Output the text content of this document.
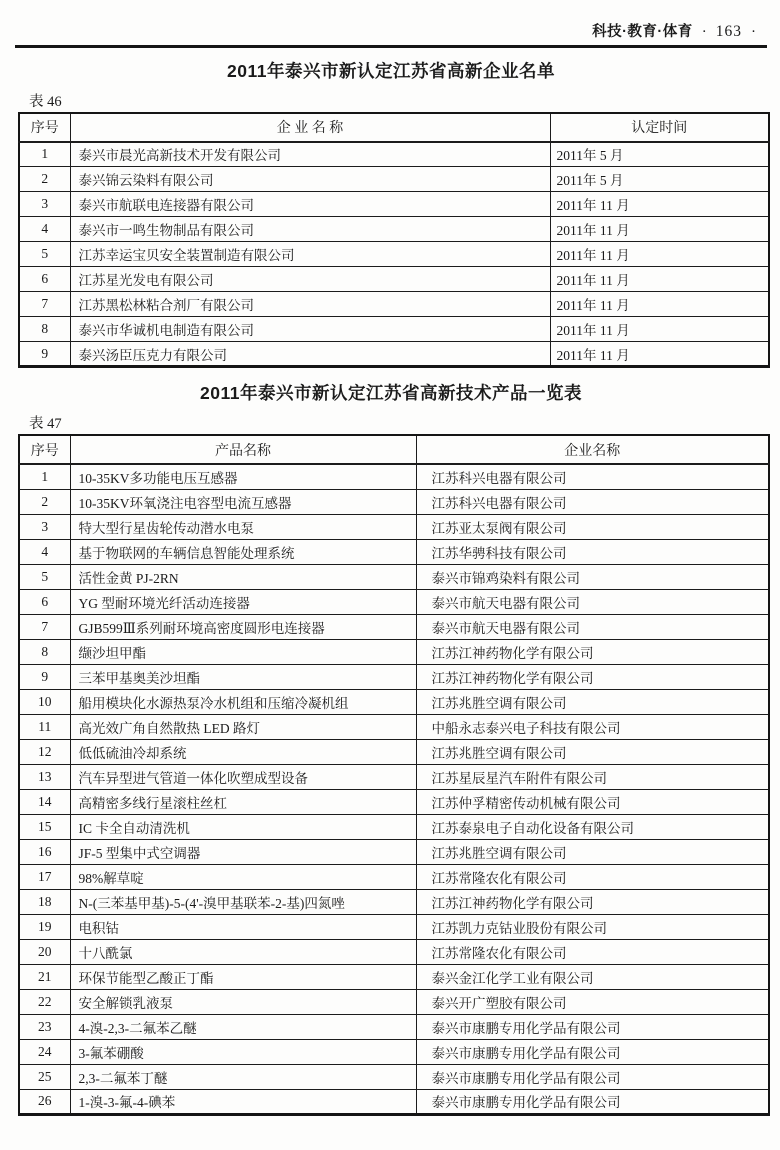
科技·教育·体育 · 163 ·
2011年泰兴市新认定江苏省高新企业名单
表 46
序号	企 业 名 称	认定时间
1	泰兴市晨光高新技术开发有限公司	2011年 5 月
2	泰兴锦云染料有限公司	2011年 5 月
3	泰兴市航联电连接器有限公司	2011年 11 月
4	泰兴市一鸣生物制品有限公司	2011年 11 月
5	江苏幸运宝贝安全装置制造有限公司	2011年 11 月
6	江苏星光发电有限公司	2011年 11 月
7	江苏黑松林粘合剂厂有限公司	2011年 11 月
8	泰兴市华诚机电制造有限公司	2011年 11 月
9	泰兴汤臣压克力有限公司	2011年 11 月
2011年泰兴市新认定江苏省高新技术产品一览表
表 47
序号	产品名称	企业名称
1	10-35KV多功能电压互感器	江苏科兴电器有限公司
2	10-35KV环氧浇注电容型电流互感器	江苏科兴电器有限公司
3	特大型行星齿轮传动潜水电泵	江苏亚太泵阀有限公司
4	基于物联网的车辆信息智能处理系统	江苏华骋科技有限公司
5	活性金黄 PJ-2RN	泰兴市锦鸡染料有限公司
6	YG 型耐环境光纤活动连接器	泰兴市航天电器有限公司
7	GJB599Ⅲ系列耐环境高密度圆形电连接器	泰兴市航天电器有限公司
8	缬沙坦甲酯	江苏江神药物化学有限公司
9	三苯甲基奥美沙坦酯	江苏江神药物化学有限公司
10	船用模块化水源热泵冷水机组和压缩冷凝机组	江苏兆胜空调有限公司
11	高光效广角自然散热 LED 路灯	中船永志泰兴电子科技有限公司
12	低低硫油冷却系统	江苏兆胜空调有限公司
13	汽车异型进气管道一体化吹塑成型设备	江苏星辰星汽车附件有限公司
14	高精密多线行星滚柱丝杠	江苏仲孚精密传动机械有限公司
15	IC 卡全自动清洗机	江苏泰泉电子自动化设备有限公司
16	JF-5 型集中式空调器	江苏兆胜空调有限公司
17	98%解草啶	江苏常隆农化有限公司
18	N-(三苯基甲基)-5-(4'-溴甲基联苯-2-基)四氮唑	江苏江神药物化学有限公司
19	电积钴	江苏凯力克钴业股份有限公司
20	十八酰氯	江苏常隆农化有限公司
21	环保节能型乙酸正丁酯	泰兴金江化学工业有限公司
22	安全解锁乳液泵	泰兴开广塑胶有限公司
23	4-溴-2,3-二氟苯乙醚	泰兴市康鹏专用化学品有限公司
24	3-氟苯硼酸	泰兴市康鹏专用化学品有限公司
25	2,3-二氟苯丁醚	泰兴市康鹏专用化学品有限公司
26	1-溴-3-氟-4-碘苯	泰兴市康鹏专用化学品有限公司
